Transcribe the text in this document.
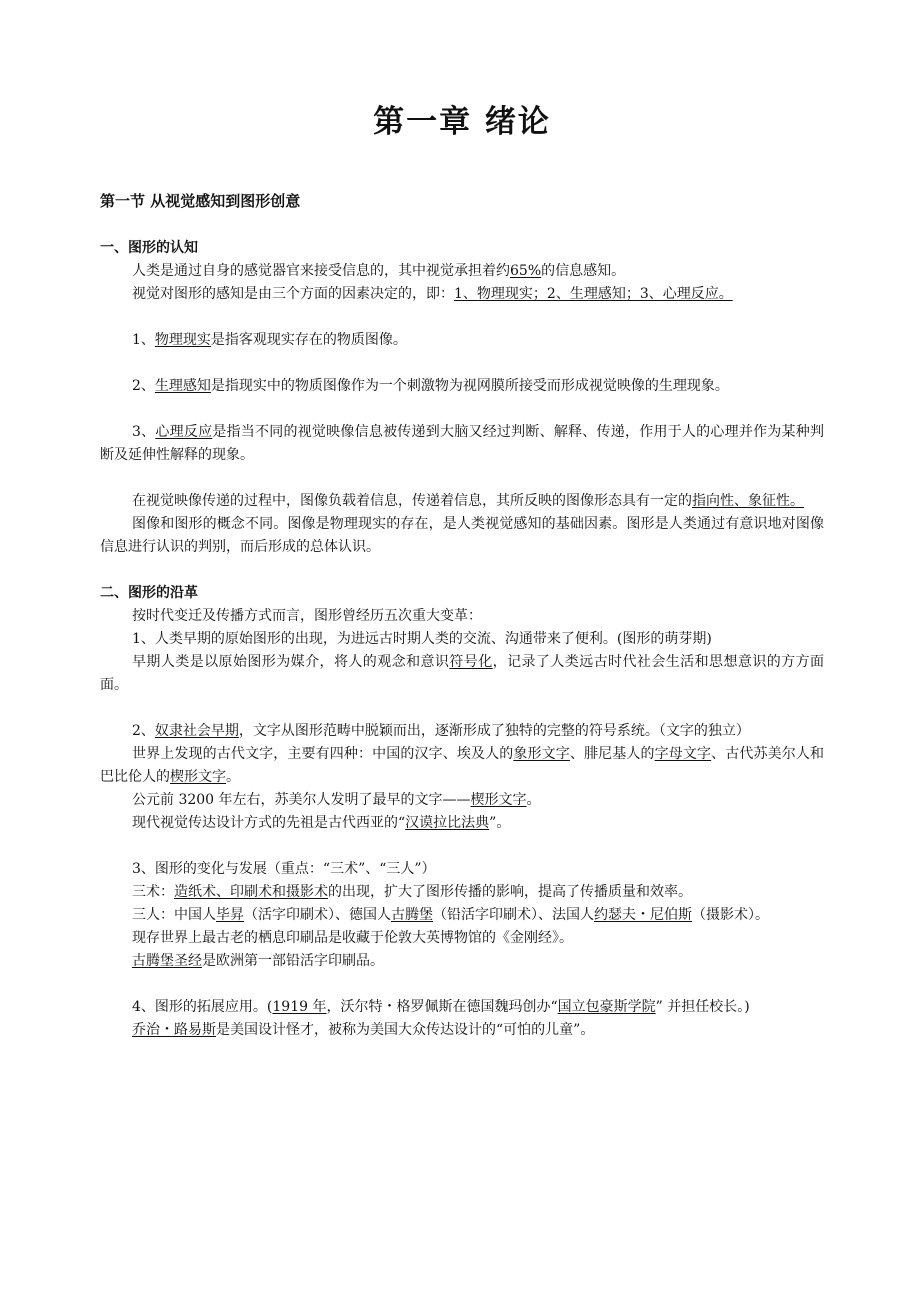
第一章 绪论
第一节 从视觉感知到图形创意
一、图形的认知

人类是通过自身的感觉器官来接受信息的，其中视觉承担着约65%的信息感知。

视觉对图形的感知是由三个方面的因素决定的，即：1、物理现实；2、生理感知；3、心理反应。

1、物理现实是指客观现实存在的物质图像。

2、生理感知是指现实中的物质图像作为一个刺激物为视网膜所接受而形成视觉映像的生理现象。

3、心理反应是指当不同的视觉映像信息被传递到大脑又经过判断、解释、传递，作用于人的心理并作为某种判断及延伸性解释的现象。

在视觉映像传递的过程中，图像负载着信息，传递着信息，其所反映的图像形态具有一定的指向性、象征性。

图像和图形的概念不同。图像是物理现实的存在，是人类视觉感知的基础因素。图形是人类通过有意识地对图像信息进行认识的判别，而后形成的总体认识。

二、图形的沿革

按时代变迁及传播方式而言，图形曾经历五次重大变革：

1、人类早期的原始图形的出现，为进远古时期人类的交流、沟通带来了便利。(图形的萌芽期)

早期人类是以原始图形为媒介，将人的观念和意识符号化，记录了人类远古时代社会生活和思想意识的方方面面。

2、奴隶社会早期，文字从图形范畴中脱颖而出，逐渐形成了独特的完整的符号系统。（文字的独立）

世界上发现的古代文字，主要有四种：中国的汉字、埃及人的象形文字、腓尼基人的字母文字、古代苏美尔人和巴比伦人的楔形文字。

公元前 3200 年左右，苏美尔人发明了最早的文字——楔形文字。

现代视觉传达设计方式的先祖是古代西亚的“汉谟拉比法典”。

3、图形的变化与发展（重点：“三术”、“三人”）

三术：造纸术、印刷术和摄影术的出现，扩大了图形传播的影响，提高了传播质量和效率。

三人：中国人毕昇（活字印刷术）、德国人古腾堡（铅活字印刷术）、法国人约瑟夫・尼伯斯（摄影术）。

现存世界上最古老的栖息印刷品是收藏于伦敦大英博物馆的《金刚经》。

古腾堡圣经是欧洲第一部铅活字印刷品。

4、图形的拓展应用。(1919 年，沃尔特・格罗佩斯在德国魏玛创办“国立包豪斯学院” 并担任校长。)

乔治・路易斯是美国设计怪才，被称为美国大众传达设计的“可怕的儿童”。
